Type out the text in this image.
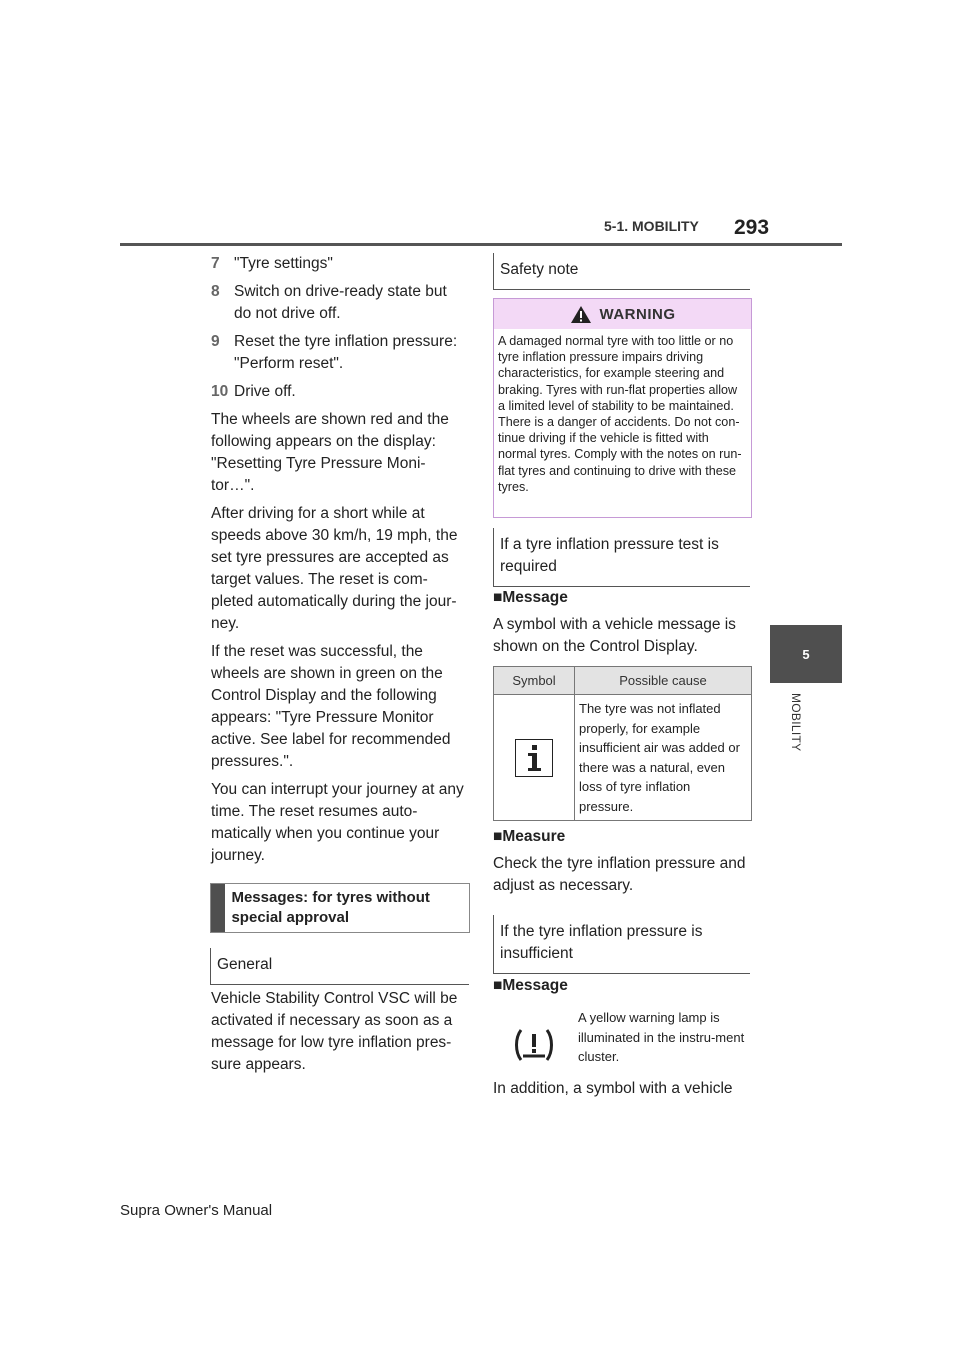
5-1. MOBILITY 293
5
MOBILITY
7 "Tyre settings"
8 Switch on drive-ready state but do not drive off.
9 Reset the tyre inflation pressure: "Perform reset".
10 Drive off.

The wheels are shown red and the following appears on the display: "Resetting Tyre Pressure Moni-tor…".

After driving for a short while at speeds above 30 km/h, 19 mph, the set tyre pressures are accepted as target values. The reset is com-pleted automatically during the jour-ney.

If the reset was successful, the wheels are shown in green on the Control Display and the following appears: "Tyre Pressure Monitor active. See label for recommended pressures.".

You can interrupt your journey at any time. The reset resumes auto-matically when you continue your journey.

Messages: for tyres without special approval
General

Vehicle Stability Control VSC will be activated if necessary as soon as a message for low tyre inflation pres-sure appears.

Safety note
WARNING
A damaged normal tyre with too little or no tyre inflation pressure impairs driving characteristics, for example steering and braking. Tyres with run-flat properties allow a limited level of stability to be maintained. There is a danger of accidents. Do not con-tinue driving if the vehicle is fitted with normal tyres. Comply with the notes on run-flat tyres and continuing to drive with these tyres.
If a tyre inflation pressure test is required
■Message

A symbol with a vehicle message is shown on the Control Display.

Symbol	Possible cause
The tyre was not inflated properly, for example insufficient air was added or there was a natural, even loss of tyre inflation pressure.
■Measure

Check the tyre inflation pressure and adjust as necessary.

If the tyre inflation pressure is insufficient
■Message
A yellow warning lamp is illuminated in the instru-ment cluster.
In addition, a symbol with a vehicle
Supra Owner's Manual
